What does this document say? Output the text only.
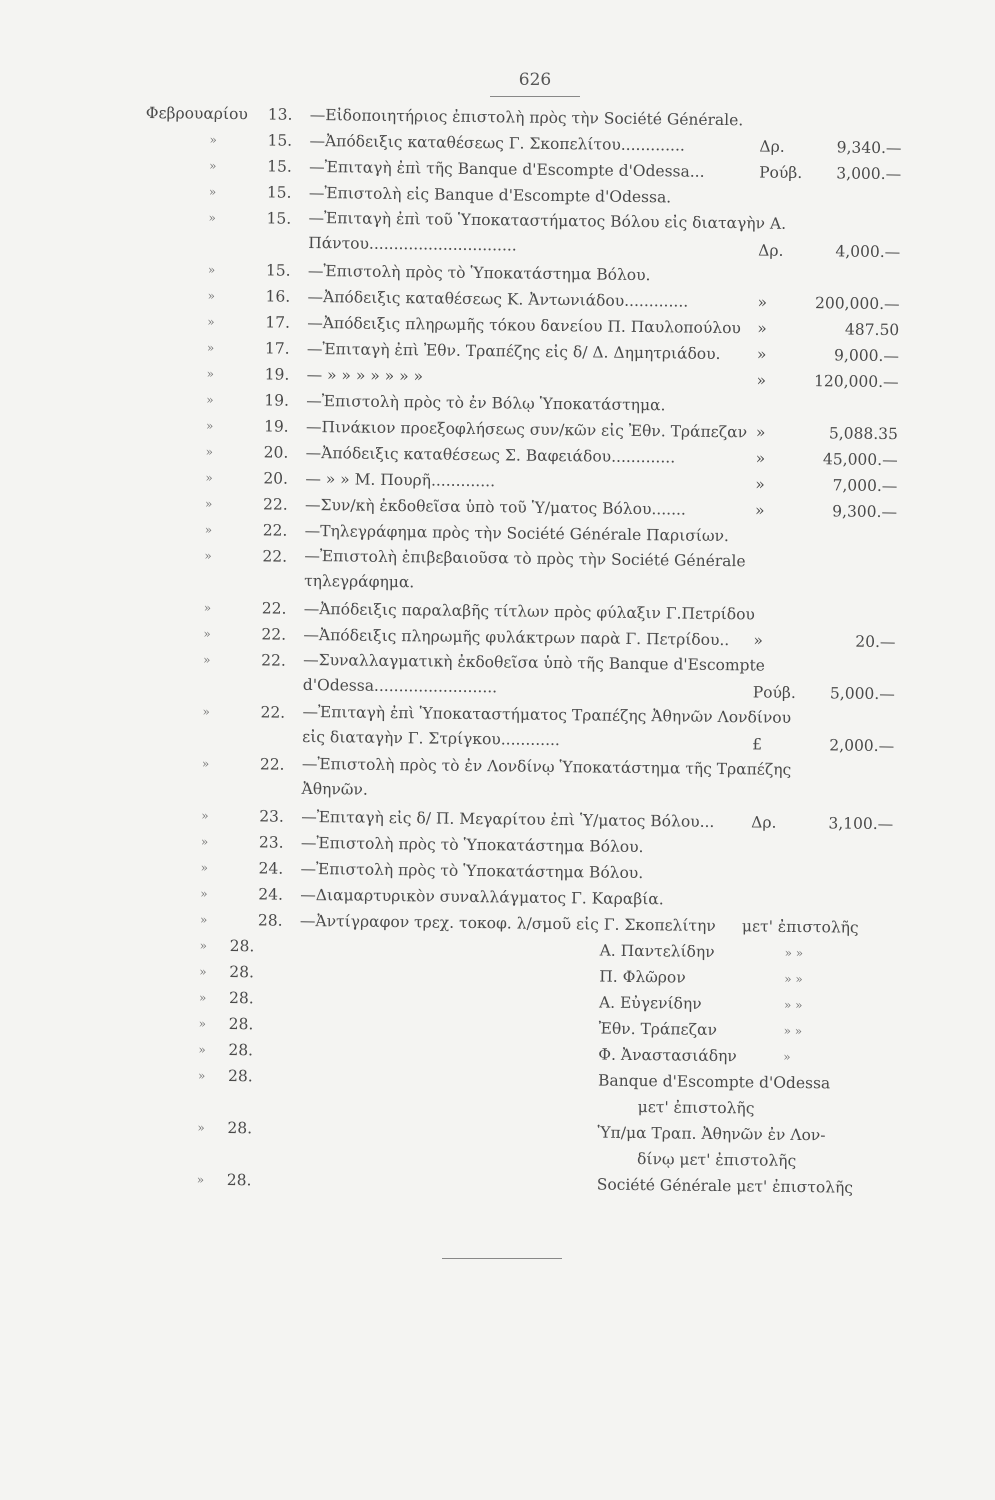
626
Φεβρουαρίου 13. —Εἰδοποιητήριος ἐπιστολὴ πρὸς τὴν Société Générale.
»	15. —Ἀπόδειξις καταθέσεως Γ. Σκοπελίτου.............	Δρ.	9,340.—
»	15. —Ἐπιταγὴ ἐπὶ τῆς Banque d'Escompte d'Odessa...	Ρούβ.	3,000.—
»	15. —Ἐπιστολὴ εἰς Banque d'Escompte d'Odessa.
»	15. —Ἐπιταγὴ ἐπὶ τοῦ Ὑποκαταστήματος Βόλου εἰς διαταγὴν Α. Πάντου..............................	Δρ.	4,000.—
»	15. —Ἐπιστολὴ πρὸς τὸ Ὑποκατάστημα Βόλου.
»	16. —Ἀπόδειξις καταθέσεως Κ. Ἀντωνιάδου.............	»	200,000.—
»	17. —Ἀπόδειξις πληρωμῆς τόκου δανείου Π. Παυλοπούλου »	487.50
»	17. —Ἐπιταγὴ ἐπὶ Ἐθν. Τραπέζης εἰς δ/ Δ. Δημητριάδου. »	9,000.—
»	19. — » » » » » » »	»	120,000.—
»	19. —Ἐπιστολὴ πρὸς τὸ ἐν Βόλῳ Ὑποκατάστημα.
»	19. —Πινάκιον προεξοφλήσεως συν/κῶν εἰς Ἐθν. Τράπεζαν »	5,088.35
»	20. —Ἀπόδειξις καταθέσεως Σ. Βαφειάδου.............	»	45,000.—
»	20. — » » Μ. Πουρῆ.............	»	7,000.—
»	22. —Συν/κὴ ἐκδοθεῖσα ὑπὸ τοῦ Ὑ/ματος Βόλου.......	»	9,300.—
»	22. —Τηλεγράφημα πρὸς τὴν Société Générale Παρισίων.
»	22. —Ἐπιστολὴ ἐπιβεβαιοῦσα τὸ πρὸς τὴν Société Générale τηλεγράφημα.
»	22. —Ἀπόδειξις παραλαβῆς τίτλων πρὸς φύλαξιν Γ.Πετρίδου
»	22. —Ἀπόδειξις πληρωμῆς φυλάκτρων παρὰ Γ. Πετρίδου.. »	20.—
»	22. —Συναλλαγματικὴ ἐκδοθεῖσα ὑπὸ τῆς Banque d'Escompte d'Odessa.........................	Ρούβ.	5,000.—
»	22. —Ἐπιταγὴ ἐπὶ Ὑποκαταστήματος Τραπέζης Ἀθηνῶν Λονδίνου εἰς διαταγὴν Γ. Στρίγκου............	£	2,000.—
»	22. —Ἐπιστολὴ πρὸς τὸ ἐν Λονδίνῳ Ὑποκατάστημα τῆς Τραπέζης Ἀθηνῶν.
»	23. —Ἐπιταγὴ εἰς δ/ Π. Μεγαρίτου ἐπὶ Ὑ/ματος Βόλου... Δρ.	3,100.—
»	23. —Ἐπιστολὴ πρὸς τὸ Ὑποκατάστημα Βόλου.
»	24. —Ἐπιστολὴ πρὸς τὸ Ὑποκατάστημα Βόλου.
»	24. —Διαμαρτυρικὸν συναλλάγματος Γ. Καραβία.
»	28. —Ἀντίγραφον τρεχ. τοκοφ. λ/σμοῦ εἰς Γ. Σκοπελίτην μετ' ἐπιστολῆς
» 28.	Α. Παντελίδην	» »
» 28.	Π. Φλῶρον	» »
» 28.	Α. Εὐγενίδην	» »
» 28.	Ἐθν. Τράπεζαν	» »
» 28.	Φ. Ἀναστασιάδην	»
» 28.	Banque d'Escompte d'Odessa
μετ' ἐπιστολῆς
» 28.	Ὑπ/μα Τραπ. Ἀθηνῶν ἐν Λον-
δίνῳ μετ' ἐπιστολῆς
» 28.	Société Générale μετ' ἐπιστολῆς
